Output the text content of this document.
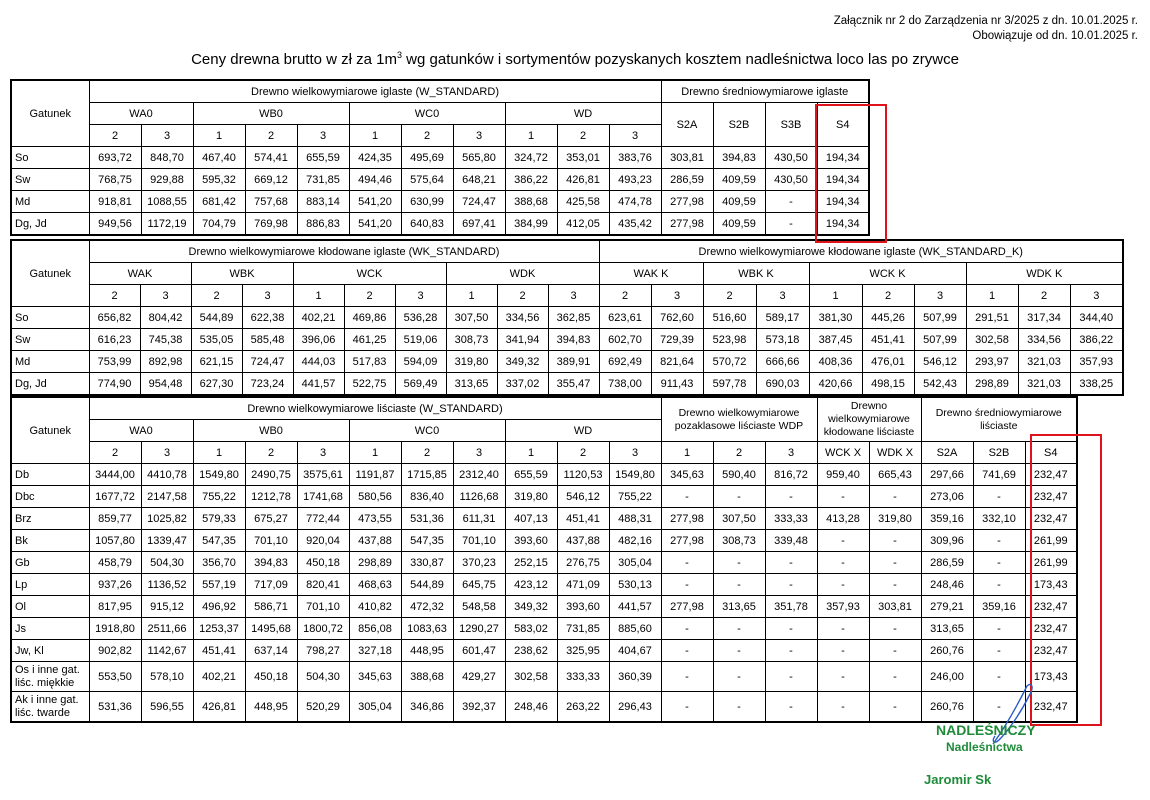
Załącznik nr 2 do Zarządzenia nr 3/2025 z dn. 10.01.2025 r.
Obowiązuje od dn. 10.01.2025 r.
Ceny drewna brutto w zł za $1m^3$ wg gatunków i sortymentów pozyskanych kosztem nadleśnictwa loco las po zrywce
Gatunek	Drewno wielkowymiarowe iglaste (W_STANDARD)											Drewno średniowymiarowe iglaste			
	WA0		WB0			WC0			WD			S2A	S2B	S3B	S4
	2	3	1	2	3	1	2	3	1	2	3				
So	693,72	848,70	467,40	574,41	655,59	424,35	495,69	565,80	324,72	353,01	383,76	303,81	394,83	430,50	194,34
Sw	768,75	929,88	595,32	669,12	731,85	494,46	575,64	648,21	386,22	426,81	493,23	286,59	409,59	430,50	194,34
Md	918,81	1088,55	681,42	757,68	883,14	541,20	630,99	724,47	388,68	425,58	474,78	277,98	409,59	-	194,34
Dg, Jd	949,56	1172,19	704,79	769,98	886,83	541,20	640,83	697,41	384,99	412,05	435,42	277,98	409,59	-	194,34
Gatunek	Drewno wielkowymiarowe kłodowane iglaste (WK_STANDARD)										Drewno wielkowymiarowe kłodowane iglaste (WK_STANDARD_K)									
	WAK		WBK		WCK			WDK			WAK K		WBK K		WCK K			WDK K		
	2	3	2	3	1	2	3	1	2	3	2	3	2	3	1	2	3	1	2	3
So	656,82	804,42	544,89	622,38	402,21	469,86	536,28	307,50	334,56	362,85	623,61	762,60	516,60	589,17	381,30	445,26	507,99	291,51	317,34	344,40
Sw	616,23	745,38	535,05	585,48	396,06	461,25	519,06	308,73	341,94	394,83	602,70	729,39	523,98	573,18	387,45	451,41	507,99	302,58	334,56	386,22
Md	753,99	892,98	621,15	724,47	444,03	517,83	594,09	319,80	349,32	389,91	692,49	821,64	570,72	666,66	408,36	476,01	546,12	293,97	321,03	357,93
Dg, Jd	774,90	954,48	627,30	723,24	441,57	522,75	569,49	313,65	337,02	355,47	738,00	911,43	597,78	690,03	420,66	498,15	542,43	298,89	321,03	338,25
Gatunek	Drewno wielkowymiarowe liściaste (W_STANDARD)											Drewno wielkowymiarowe pozaklasowe liściaste WDP			Drewno wielkowymiarowe kłodowane liściaste		Drewno średniowymiarowe liściaste		
	WA0		WB0			WC0			WD										
	2	3	1	2	3	1	2	3	1	2	3	1	2	3	WCK X	WDK X	S2A	S2B	S4
Db	3444,00	4410,78	1549,80	2490,75	3575,61	1191,87	1715,85	2312,40	655,59	1120,53	1549,80	345,63	590,40	816,72	959,40	665,43	297,66	741,69	232,47
Dbc	1677,72	2147,58	755,22	1212,78	1741,68	580,56	836,40	1126,68	319,80	546,12	755,22	-	-	-	-	-	273,06	-	232,47
Brz	859,77	1025,82	579,33	675,27	772,44	473,55	531,36	611,31	407,13	451,41	488,31	277,98	307,50	333,33	413,28	319,80	359,16	332,10	232,47
Bk	1057,80	1339,47	547,35	701,10	920,04	437,88	547,35	701,10	393,60	437,88	482,16	277,98	308,73	339,48	-	-	309,96	-	261,99
Gb	458,79	504,30	356,70	394,83	450,18	298,89	330,87	370,23	252,15	276,75	305,04	-	-	-	-	-	286,59	-	261,99
Lp	937,26	1136,52	557,19	717,09	820,41	468,63	544,89	645,75	423,12	471,09	530,13	-	-	-	-	-	248,46	-	173,43
Ol	817,95	915,12	496,92	586,71	701,10	410,82	472,32	548,58	349,32	393,60	441,57	277,98	313,65	351,78	357,93	303,81	279,21	359,16	232,47
Js	1918,80	2511,66	1253,37	1495,68	1800,72	856,08	1083,63	1290,27	583,02	731,85	885,60	-	-	-	-	-	313,65	-	232,47
Jw, Kl	902,82	1142,67	451,41	637,14	798,27	327,18	448,95	601,47	238,62	325,95	404,67	-	-	-	-	-	260,76	-	232,47
Os i inne gat. liśc. miękkie	553,50	578,10	402,21	450,18	504,30	345,63	388,68	429,27	302,58	333,33	360,39	-	-	-	-	-	246,00	-	173,43
Ak i inne gat. liśc. twarde	531,36	596,55	426,81	448,95	520,29	305,04	346,86	392,37	248,46	263,22	296,43	-	-	-	-	-	260,76	-	232,47
NADLEŚNICZY
Nadleśnictwa
Jaromir Sk
